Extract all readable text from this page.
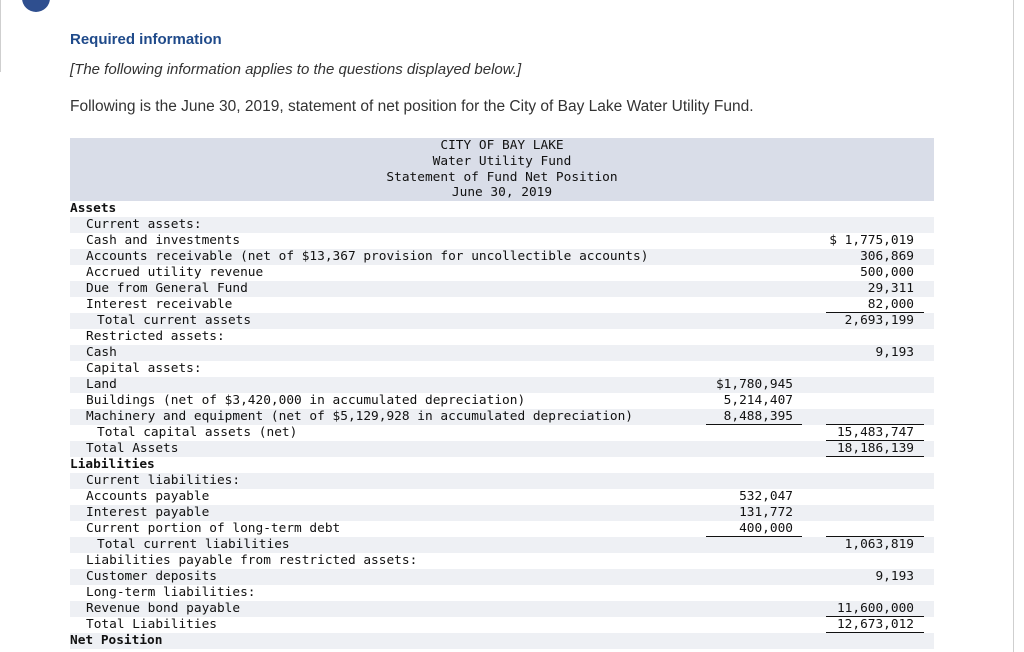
Required information
[The following information applies to the questions displayed below.]
Following is the June 30, 2019, statement of net position for the City of Bay Lake Water Utility Fund.
CITY OF BAY LAKE
Water Utility Fund
Statement of Fund Net Position
June 30, 2019
Assets
Current assets:
Cash and investments	$ 1,775,019
Accounts receivable (net of $13,367 provision for uncollectible accounts)	306,869
Accrued utility revenue	500,000
Due from General Fund	29,311
Interest receivable	82,000
Total current assets	2,693,199
Restricted assets:
Cash	9,193
Capital assets:
Land	$1,780,945
Buildings (net of $3,420,000 in accumulated depreciation)	5,214,407
Machinery and equipment (net of $5,129,928 in accumulated depreciation)	8,488,395
Total capital assets (net)	15,483,747
Total Assets	18,186,139
Liabilities
Current liabilities:
Accounts payable	532,047
Interest payable	131,772
Current portion of long-term debt	400,000
Total current liabilities	1,063,819
Liabilities payable from restricted assets:
Customer deposits	9,193
Long-term liabilities:
Revenue bond payable	11,600,000
Total Liabilities	12,673,012
Net Position
